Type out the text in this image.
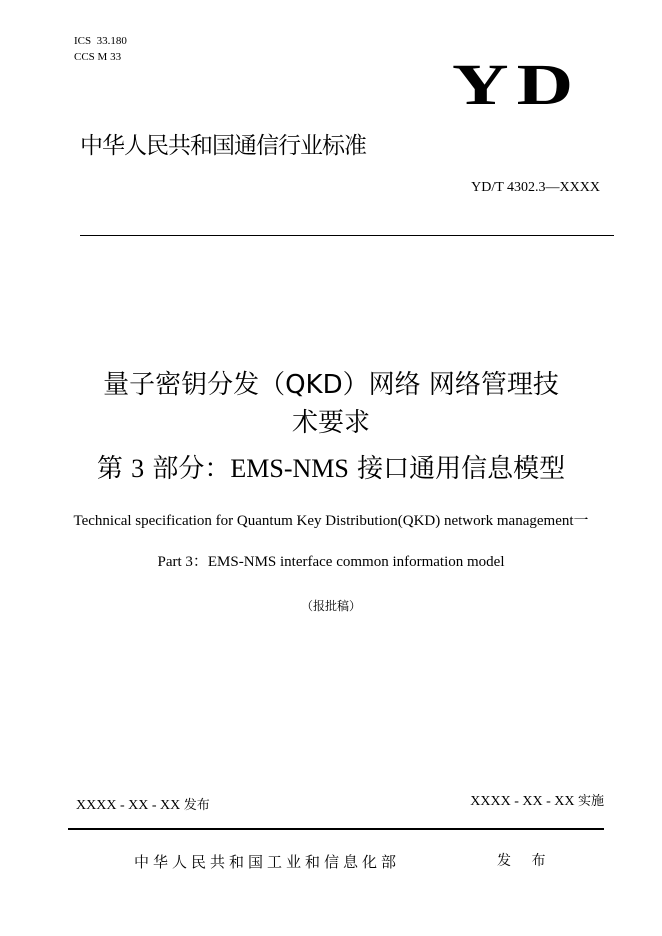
ICS  33.180
CCS M 33	YD
中华人民共和国通信行业标准
YD/T 4302.3—XXXX
量子密钥分发（QKD）网络 网络管理技
术要求
第 3 部分：EMS-NMS 接口通用信息模型
Technical specification for Quantum Key Distribution(QKD) network management一
Part 3：EMS-NMS interface common information model
（报批稿）
XXXX - XX - XX 发布	XXXX - XX - XX 实施
中华人民共和国工业和信息化部	发 布
